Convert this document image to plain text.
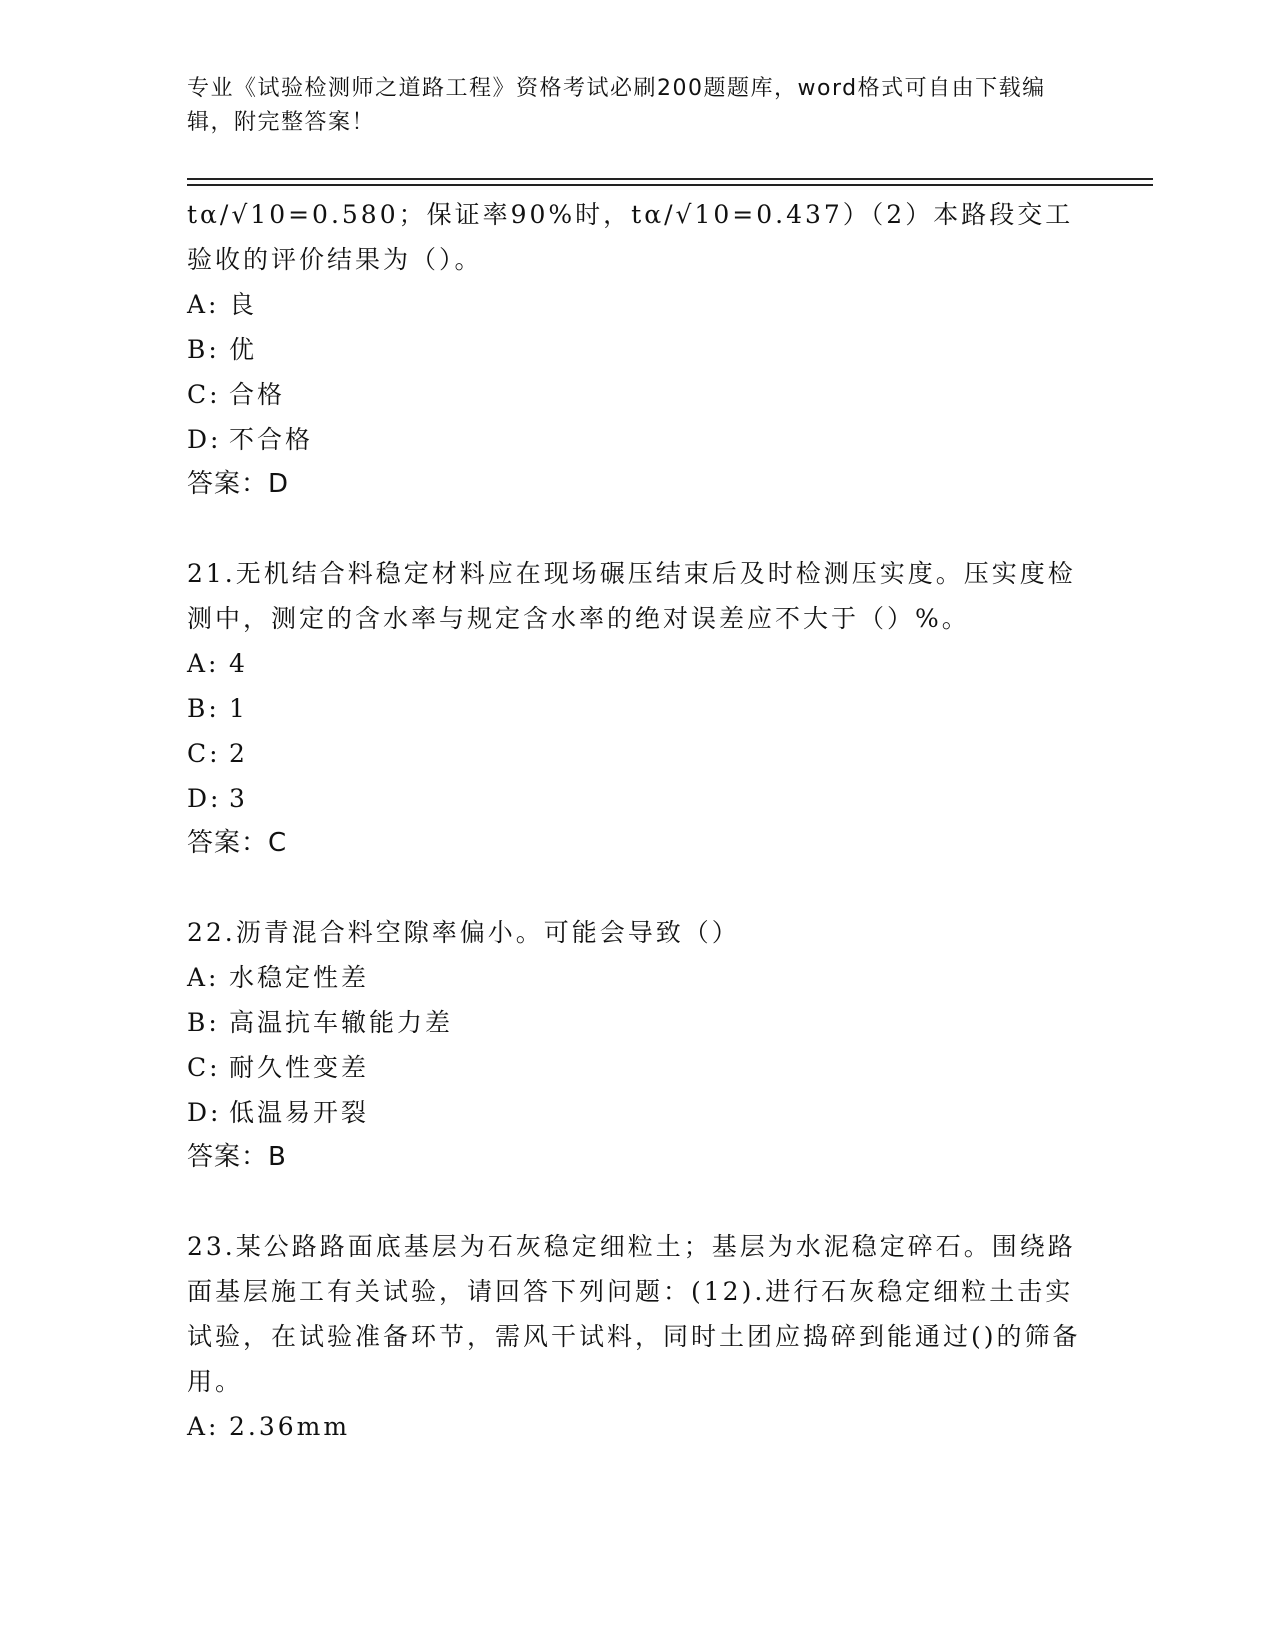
专业《试验检测师之道路工程》资格考试必刷200题题库，word格式可自由下载编辑，附完整答案！
tα/√10=0.580；保证率90%时，tα/√10=0.437）（2）本路段交工验收的评价结果为（）。
A: 良
B: 优
C: 合格
D: 不合格
答案：D
21.无机结合料稳定材料应在现场碾压结束后及时检测压实度。压实度检测中，测定的含水率与规定含水率的绝对误差应不大于（）%。
A: 4
B: 1
C: 2
D: 3
答案：C
22.沥青混合料空隙率偏小。可能会导致（）
A: 水稳定性差
B: 高温抗车辙能力差
C: 耐久性变差
D: 低温易开裂
答案：B
23.某公路路面底基层为石灰稳定细粒土；基层为水泥稳定碎石。围绕路面基层施工有关试验，请回答下列问题：(12).进行石灰稳定细粒土击实试验，在试验准备环节，需风干试料，同时土团应捣碎到能通过()的筛备用。
A: 2.36mm
